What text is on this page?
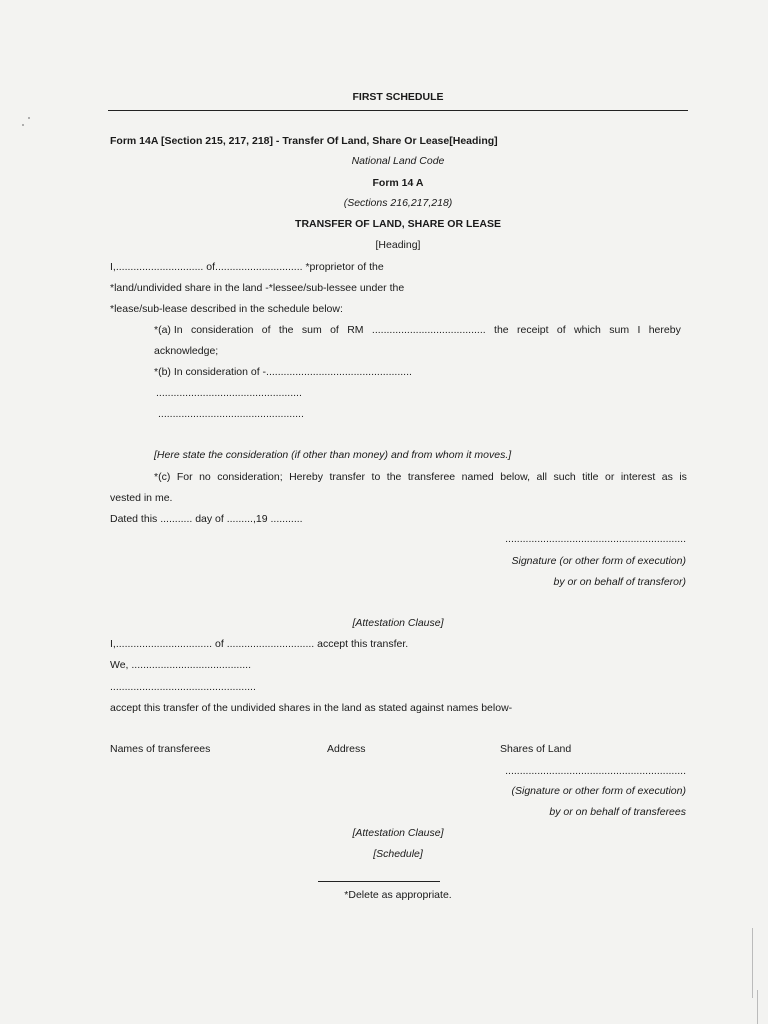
FIRST SCHEDULE
Form 14A [Section 215, 217, 218] - Transfer Of Land, Share Or Lease[Heading]
National Land Code
Form 14 A
(Sections 216,217,218)
TRANSFER OF LAND, SHARE OR LEASE
[Heading]
I,.............................. of.............................. *proprietor of the
*land/undivided share in the land -*lessee/sub-lessee under the
*lease/sub-lease described in the schedule below:
*(a) In consideration of the sum of RM ....................................... the receipt of which sum I hereby
acknowledge;
*(b) In consideration of -..................................................
..................................................
..................................................
[Here state the consideration (if other than money) and from whom it moves.]
*(c) For no consideration; Hereby transfer to the transferee named below, all such title or interest as is
vested in me.
Dated this ........... day of .........,19 ...........
..............................................................
Signature (or other form of execution)
by or on behalf of transferor)
[Attestation Clause]
I,................................. of .............................. accept this transfer.
We, .........................................
..................................................
accept this transfer of the undivided shares in the land as stated against names below-
Names of transferees	Address	Shares of Land
..............................................................
(Signature or other form of execution)
by or on behalf of transferees
[Attestation Clause]
[Schedule]
*Delete as appropriate.
